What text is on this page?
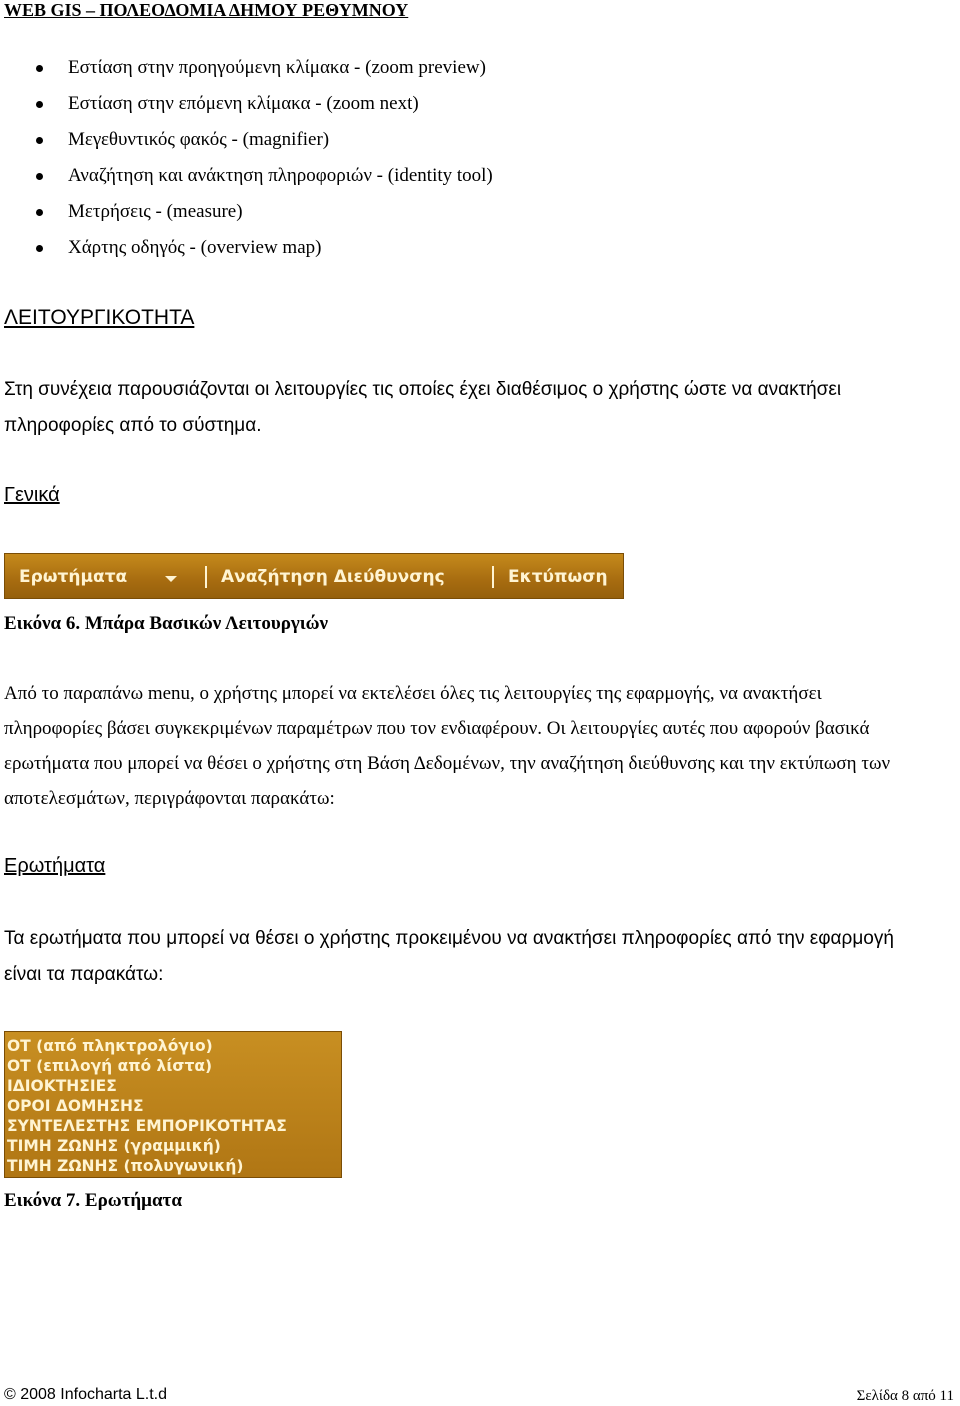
WEB GIS – ΠΟΛΕΟΔΟΜΙΑ ΔΗΜΟΥ ΡΕΘΥΜΝΟΥ
Εστίαση στην προηγούμενη κλίμακα - (zoom preview)
Εστίαση στην επόμενη κλίμακα - (zoom next)
Μεγεθυντικός φακός - (magnifier)
Αναζήτηση και ανάκτηση πληροφοριών - (identity tool)
Μετρήσεις - (measure)
Χάρτης οδηγός - (overview map)
ΛΕΙΤΟΥΡΓΙΚΟΤΗΤΑ
Στη συνέχεια παρουσιάζονται οι λειτουργίες τις οποίες έχει διαθέσιμος ο χρήστης ώστε να ανακτήσει
πληροφορίες από το σύστημα.
Γενικά
Ερωτήματα	Αναζήτηση Διεύθυνσης	Εκτύπωση
Εικόνα 6. Μπάρα Βασικών Λειτουργιών
Από το παραπάνω menu, ο χρήστης μπορεί να εκτελέσει όλες τις λειτουργίες της εφαρμογής, να ανακτήσει
πληροφορίες βάσει συγκεκριμένων παραμέτρων που τον ενδιαφέρουν. Οι λειτουργίες αυτές που αφορούν βασικά
ερωτήματα που μπορεί να θέσει ο χρήστης στη Βάση Δεδομένων, την αναζήτηση διεύθυνσης και την εκτύπωση των
αποτελεσμάτων, περιγράφονται παρακάτω:
Ερωτήματα
Τα ερωτήματα που μπορεί να θέσει ο χρήστης προκειμένου να ανακτήσει πληροφορίες από την εφαρμογή
είναι τα παρακάτω:
ΟΤ (από πληκτρολόγιο)
ΟΤ (επιλογή από λίστα)
ΙΔΙΟΚΤΗΣΙΕΣ
ΟΡΟΙ ΔΟΜΗΣΗΣ
ΣΥΝΤΕΛΕΣΤΗΣ ΕΜΠΟΡΙΚΟΤΗΤΑΣ
ΤΙΜΗ ΖΩΝΗΣ (γραμμική)
ΤΙΜΗ ΖΩΝΗΣ (πολυγωνική)
Εικόνα 7. Ερωτήματα
© 2008 Infocharta L.t.d	Σελίδα 8 από 11
